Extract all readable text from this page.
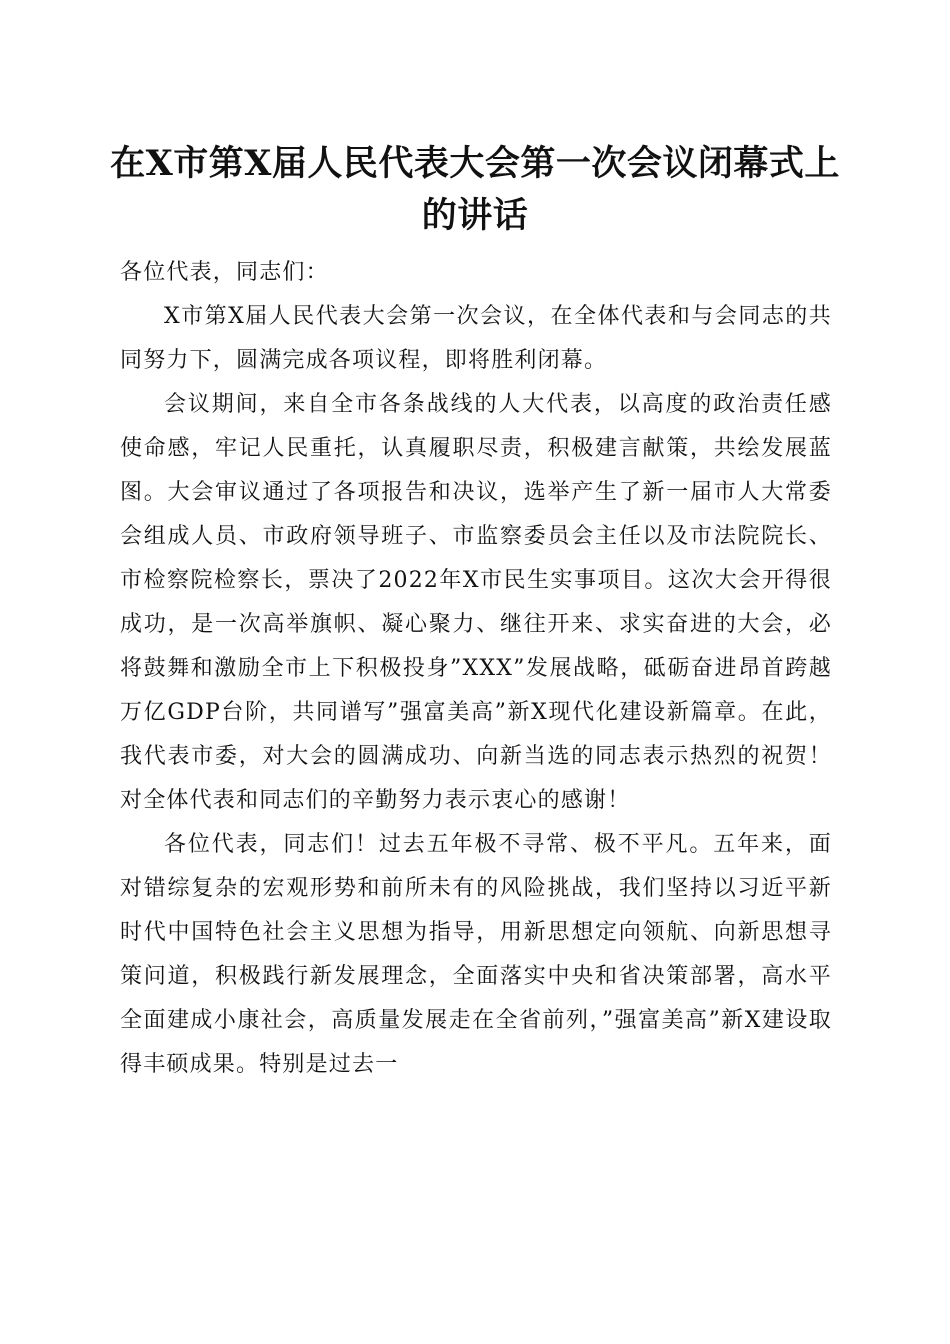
在X市第X届人民代表大会第一次会议闭幕式上的讲话

各位代表，同志们：

X市第X届人民代表大会第一次会议，在全体代表和与会同志的共同努力下，圆满完成各项议程，即将胜利闭幕。

会议期间，来自全市各条战线的人大代表，以高度的政治责任感使命感，牢记人民重托，认真履职尽责，积极建言献策，共绘发展蓝图。大会审议通过了各项报告和决议，选举产生了新一届市人大常委会组成人员、市政府领导班子、市监察委员会主任以及市法院院长、市检察院检察长，票决了2022年X市民生实事项目。这次大会开得很成功，是一次高举旗帜、凝心聚力、继往开来、求实奋进的大会，必将鼓舞和激励全市上下积极投身”XXX”发展战略，砥砺奋进昂首跨越万亿GDP台阶，共同谱写”强富美高”新X现代化建设新篇章。在此，我代表市委，对大会的圆满成功、向新当选的同志表示热烈的祝贺！对全体代表和同志们的辛勤努力表示衷心的感谢！

各位代表，同志们！过去五年极不寻常、极不平凡。五年来，面对错综复杂的宏观形势和前所未有的风险挑战，我们坚持以习近平新时代中国特色社会主义思想为指导，用新思想定向领航、向新思想寻策问道，积极践行新发展理念，全面落实中央和省决策部署，高水平全面建成小康社会，高质量发展走在全省前列，”强富美高”新X建设取得丰硕成果。特别是过去一
